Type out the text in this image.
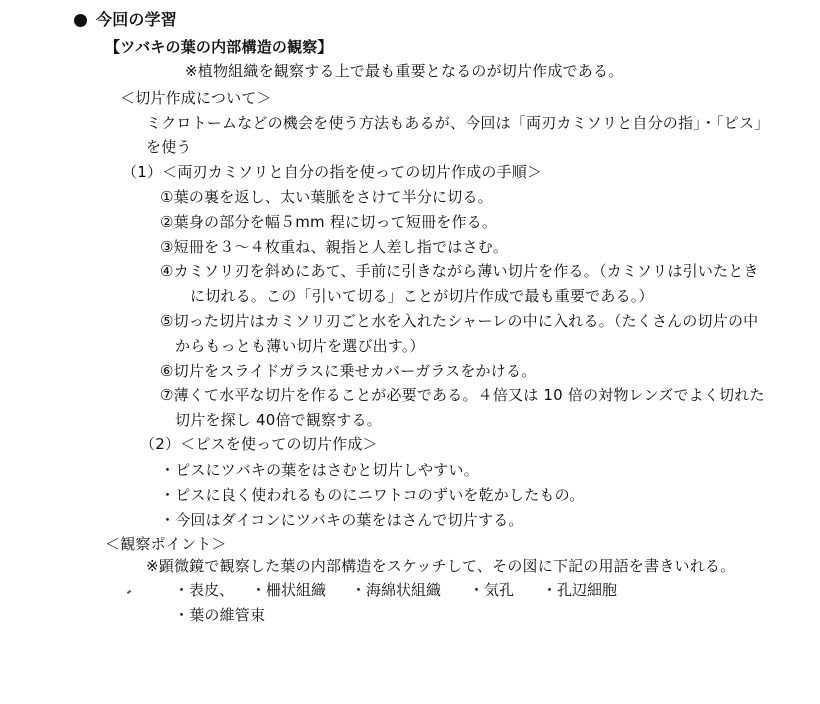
今回の学習
【ツバキの葉の内部構造の観察】
※植物組織を観察する上で最も重要となるのが切片作成である。
＜切片作成について＞
ミクロトームなどの機会を使う方法もあるが、今回は「両刃カミソリと自分の指」・「ピス」
を使う
（1）＜両刃カミソリと自分の指を使っての切片作成の手順＞
①葉の裏を返し、太い葉脈をさけて半分に切る。
②葉身の部分を幅５mm 程に切って短冊を作る。
③短冊を３～４枚重ね、親指と人差し指ではさむ。
④カミソリ刃を斜めにあて、手前に引きながら薄い切片を作る。（カミソリは引いたとき
に切れる。この「引いて切る」ことが切片作成で最も重要である。）
⑤切った切片はカミソリ刃ごと水を入れたシャーレの中に入れる。（たくさんの切片の中
からもっとも薄い切片を選び出す。）
⑥切片をスライドガラスに乗せカバーガラスをかける。
⑦薄くて水平な切片を作ることが必要である。４倍又は 10 倍の対物レンズでよく切れた
切片を探し 40倍で観察する。
（2）＜ピスを使っての切片作成＞
・ピスにツバキの葉をはさむと切片しやすい。
・ピスに良く使われるものにニワトコのずいを乾かしたもの。
・今回はダイコンにツバキの葉をはさんで切片する。
＜観察ポイント＞
※顕微鏡で観察した葉の内部構造をスケッチして、その図に下記の用語を書きいれる。
・表皮、 ・柵状組織 ・海綿状組織 ・気孔 ・孔辺細胞
・葉の維管束
